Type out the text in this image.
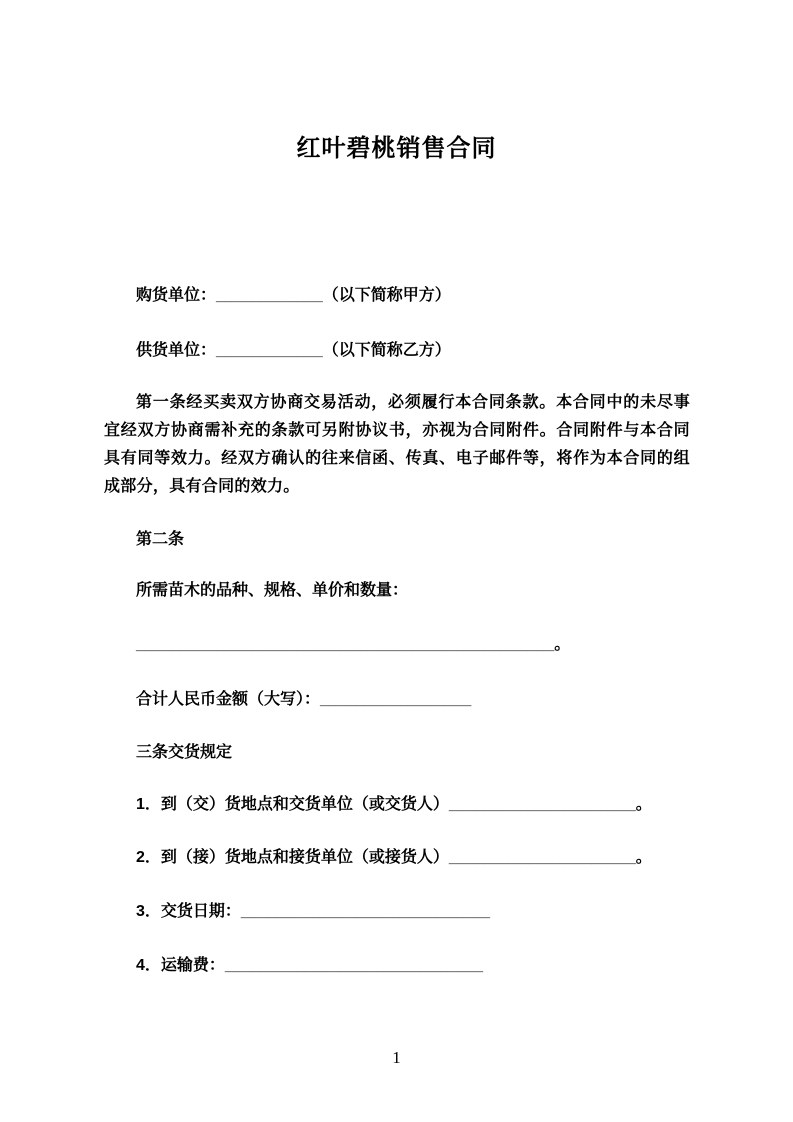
红叶碧桃销售合同
购货单位：____________（以下简称甲方）
供货单位：____________（以下简称乙方）

第一条经买卖双方协商交易活动，必须履行本合同条款。本合同中的未尽事宜经双方协商需补充的条款可另附协议书，亦视为合同附件。合同附件与本合同具有同等效力。经双方确认的往来信函、传真、电子邮件等，将作为本合同的组成部分，具有合同的效力。

第二条
所需苗木的品种、规格、单价和数量：
_______________________________________________。
合计人民币金额（大写）：_________________
三条交货规定
1．到（交）货地点和交货单位（或交货人）_____________________。
2．到（接）货地点和接货单位（或接货人）_____________________。
3．交货日期：____________________________
4．运输费：_____________________________
1
